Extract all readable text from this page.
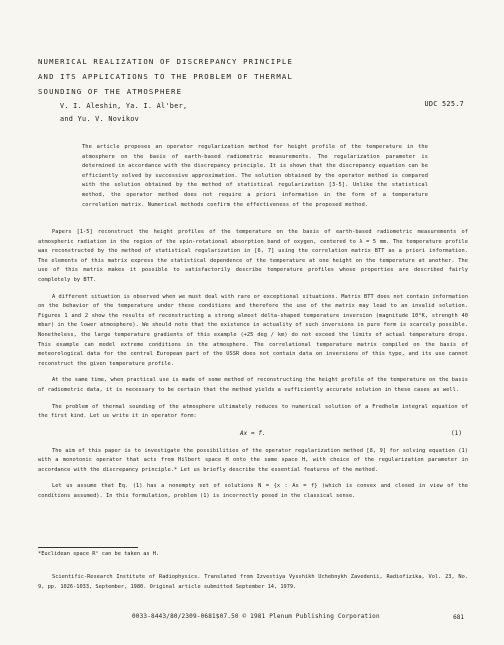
NUMERICAL REALIZATION OF DISCREPANCY PRINCIPLE
AND ITS APPLICATIONS TO THE PROBLEM OF THERMAL
SOUNDING OF THE ATMOSPHERE
V. I. Aleshin, Ya. I. Al'ber,
and Yu. V. Novikov
UDC 525.7
The article proposes an operator regularization method for height profile of the temperature in the atmosphere on the basis of earth-based radiometric measurements. The regularization parameter is determined in accordance with the discrepancy principle. It is shown that the discrepancy equation can be efficiently solved by successive approximation. The solution obtained by the operator method is compared with the solution obtained by the method of statistical regularization [3-5]. Unlike the statistical method, the operator method does not require a priori information in the form of a temperature correlation matrix. Numerical methods confirm the effectiveness of the proposed method.

Papers [1-5] reconstruct the height profiles of the temperature on the basis of earth-based radiometric measurements of atmospheric radiation in the region of the spin-rotational absorption band of oxygen, centered to λ = 5 mm. The temperature profile was reconstructed by the method of statistical regularization in [6, 7] using the correlation matrix BTT as a priori information. The elements of this matrix express the statistical dependence of the temperature at one height on the temperature at another. The use of this matrix makes it possible to satisfactorily describe temperature profiles whose properties are described fairly completely by BTT.

A different situation is observed when we must deal with rare or exceptional situations. Matrix BTT does not contain information on the behavior of the temperature under these conditions and therefore the use of the matrix may lead to an invalid solution. Figures 1 and 2 show the results of reconstructing a strong almost delta-shaped temperature inversion (magnitude 10°K, strength 40 mbar) in the lower atmosphere). We should note that the existence in actuality of such inversions in pure form is scarcely possible. Nonetheless, the large temperature gradients of this example (+25 deg / km) do not exceed the limits of actual temperature drops. This example can model extreme conditions in the atmosphere. The correlational temperature matrix compiled on the basis of meteorological data for the central European part of the USSR does not contain data on inversions of this type, and its use cannot reconstruct the given temperature profile.

At the same time, when practical use is made of some method of reconstructing the height profile of the temperature on the basis of radiometric data, it is necessary to be certain that the method yields a sufficiently accurate solution in these cases as well.

The problem of thermal sounding of the atmosphere ultimately reduces to numerical solution of a Fredholm integral equation of the first kind. Let us write it in operator form:

Ax = f.	(1)

The aim of this paper is to investigate the possibilities of the operator regularization method [8, 9] for solving equation (1) with a monotonic operator that acts from Hilbert space H onto the same space H, with choice of the regularization parameter in accordance with the discrepancy principle.* Let us briefly describe the essential features of the method.

Let us assume that Eq. (1) has a nonempty set of solutions N = {x : Ax = f} (which is convex and closed in view of the conditions assumed). In this formulation, problem (1) is incorrectly posed in the classical sense.

*Euclidean space Rⁿ can be taken as H.
Scientific-Research Institute of Radiophysics. Translated from Izvestiya Vysshikh Uchebnykh Zavedenii, Radiofizika, Vol. 23, No. 9, pp. 1026-1033, September, 1980. Original article submitted September 14, 1979.
0033-8443/80/2309-0681$07.50 © 1981 Plenum Publishing Corporation	681
